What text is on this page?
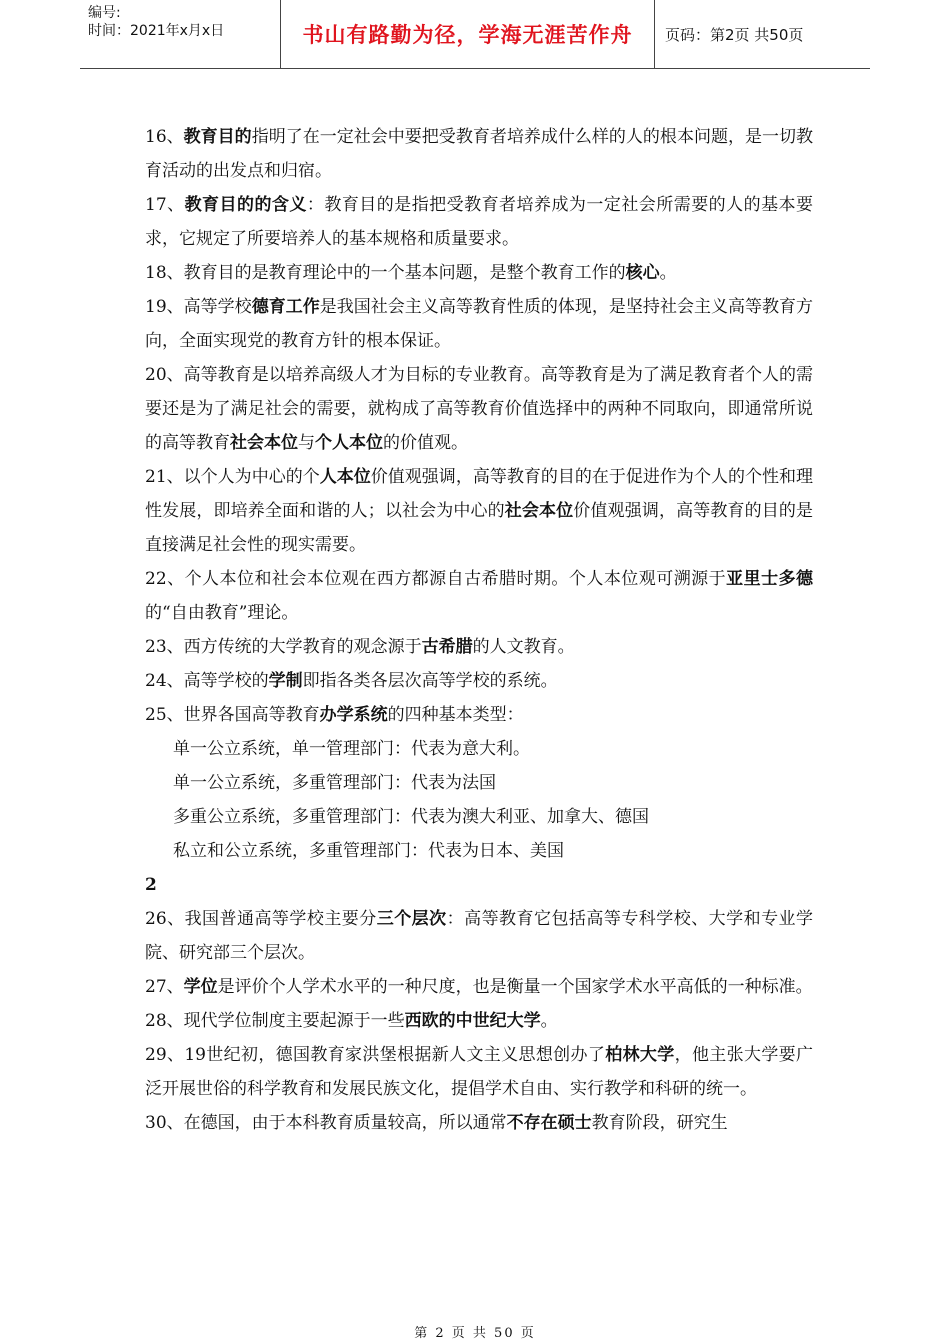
编号:
时间：2021年x月x日	书山有路勤为径，学海无涯苦作舟	页码：第2页 共50页

16、教育目的指明了在一定社会中要把受教育者培养成什么样的人的根本问题，是一切教育活动的出发点和归宿。

17、教育目的的含义：教育目的是指把受教育者培养成为一定社会所需要的人的基本要求，它规定了所要培养人的基本规格和质量要求。

18、教育目的是教育理论中的一个基本问题，是整个教育工作的核心。

19、高等学校德育工作是我国社会主义高等教育性质的体现，是坚持社会主义高等教育方向，全面实现党的教育方针的根本保证。

20、高等教育是以培养高级人才为目标的专业教育。高等教育是为了满足教育者个人的需要还是为了满足社会的需要，就构成了高等教育价值选择中的两种不同取向，即通常所说的高等教育社会本位与个人本位的价值观。

21、以个人为中心的个人本位价值观强调，高等教育的目的在于促进作为个人的个性和理性发展，即培养全面和谐的人；以社会为中心的社会本位价值观强调，高等教育的目的是直接满足社会性的现实需要。

22、个人本位和社会本位观在西方都源自古希腊时期。个人本位观可溯源于亚里士多德的“自由教育”理论。

23、西方传统的大学教育的观念源于古希腊的人文教育。

24、高等学校的学制即指各类各层次高等学校的系统。

25、世界各国高等教育办学系统的四种基本类型：

单一公立系统，单一管理部门：代表为意大利。

单一公立系统，多重管理部门：代表为法国

多重公立系统，多重管理部门：代表为澳大利亚、加拿大、德国

私立和公立系统，多重管理部门：代表为日本、美国

2

26、我国普通高等学校主要分三个层次：高等教育它包括高等专科学校、大学和专业学院、研究部三个层次。

27、学位是评价个人学术水平的一种尺度，也是衡量一个国家学术水平高低的一种标准。

28、现代学位制度主要起源于一些西欧的中世纪大学。

29、19世纪初，德国教育家洪堡根据新人文主义思想创办了柏林大学，他主张大学要广泛开展世俗的科学教育和发展民族文化，提倡学术自由、实行教学和科研的统一。

30、在德国，由于本科教育质量较高，所以通常不存在硕士教育阶段，研究生

第 2 页 共 50 页
